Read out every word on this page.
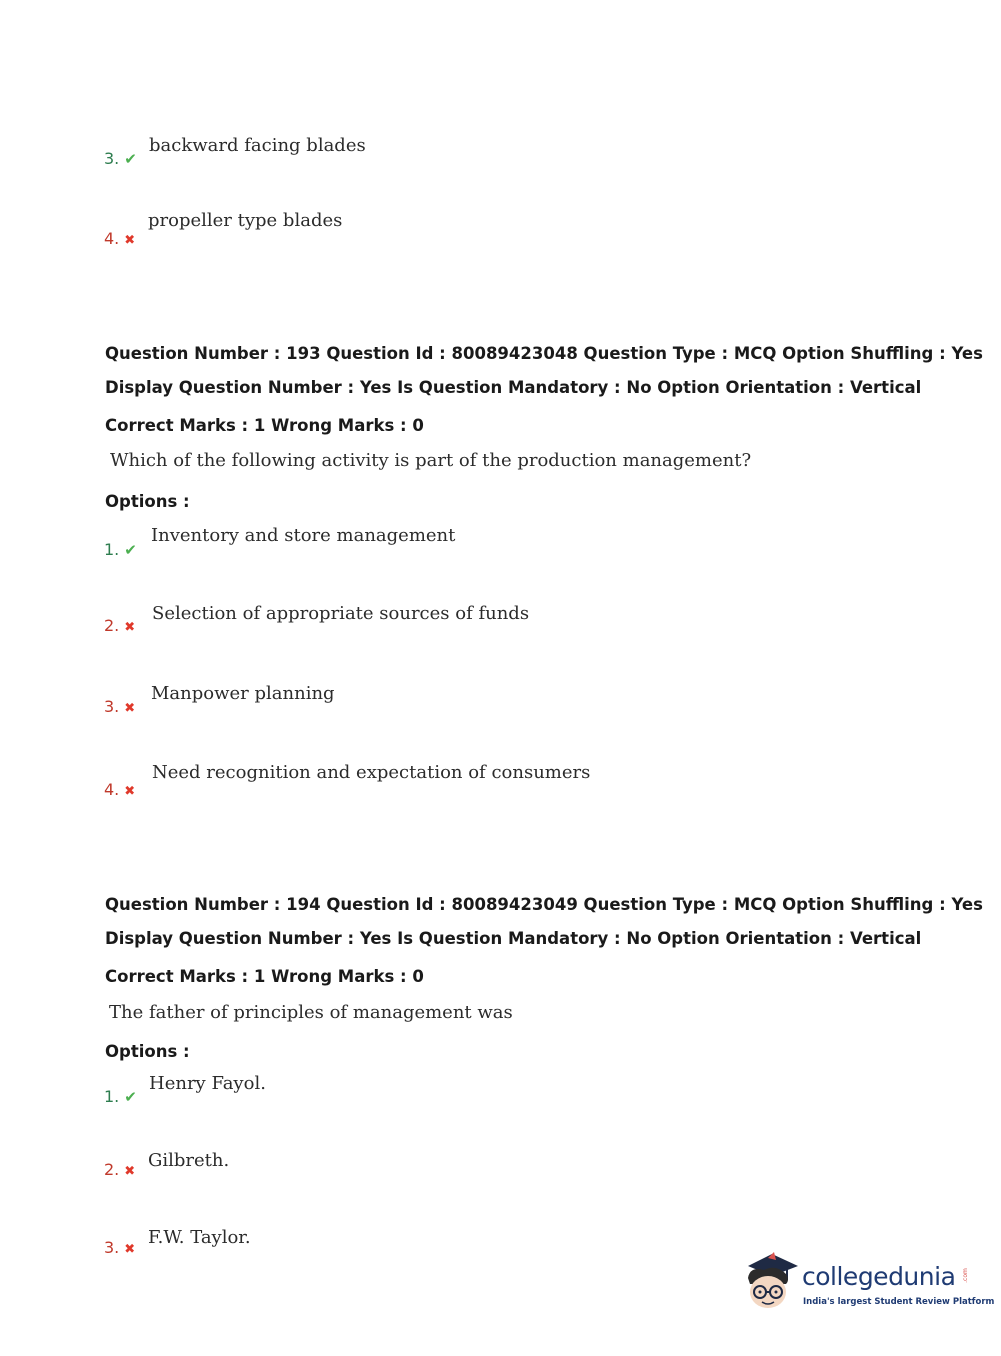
3. ✔
backward facing blades
4. ✖
propeller type blades
Question Number : 193 Question Id : 80089423048 Question Type : MCQ Option Shuffling : Yes
Display Question Number : Yes Is Question Mandatory : No Option Orientation : Vertical
Correct Marks : 1 Wrong Marks : 0
Which of the following activity is part of the production management?
Options :
1. ✔
Inventory and store management
2. ✖
Selection of appropriate sources of funds
3. ✖
Manpower planning
4. ✖
Need recognition and expectation of consumers
Question Number : 194 Question Id : 80089423049 Question Type : MCQ Option Shuffling : Yes
Display Question Number : Yes Is Question Mandatory : No Option Orientation : Vertical
Correct Marks : 1 Wrong Marks : 0
The father of principles of management was
Options :
1. ✔
Henry Fayol.
2. ✖
Gilbreth.
3. ✖
F.W. Taylor.
collegedunia .com
India's largest Student Review Platform
